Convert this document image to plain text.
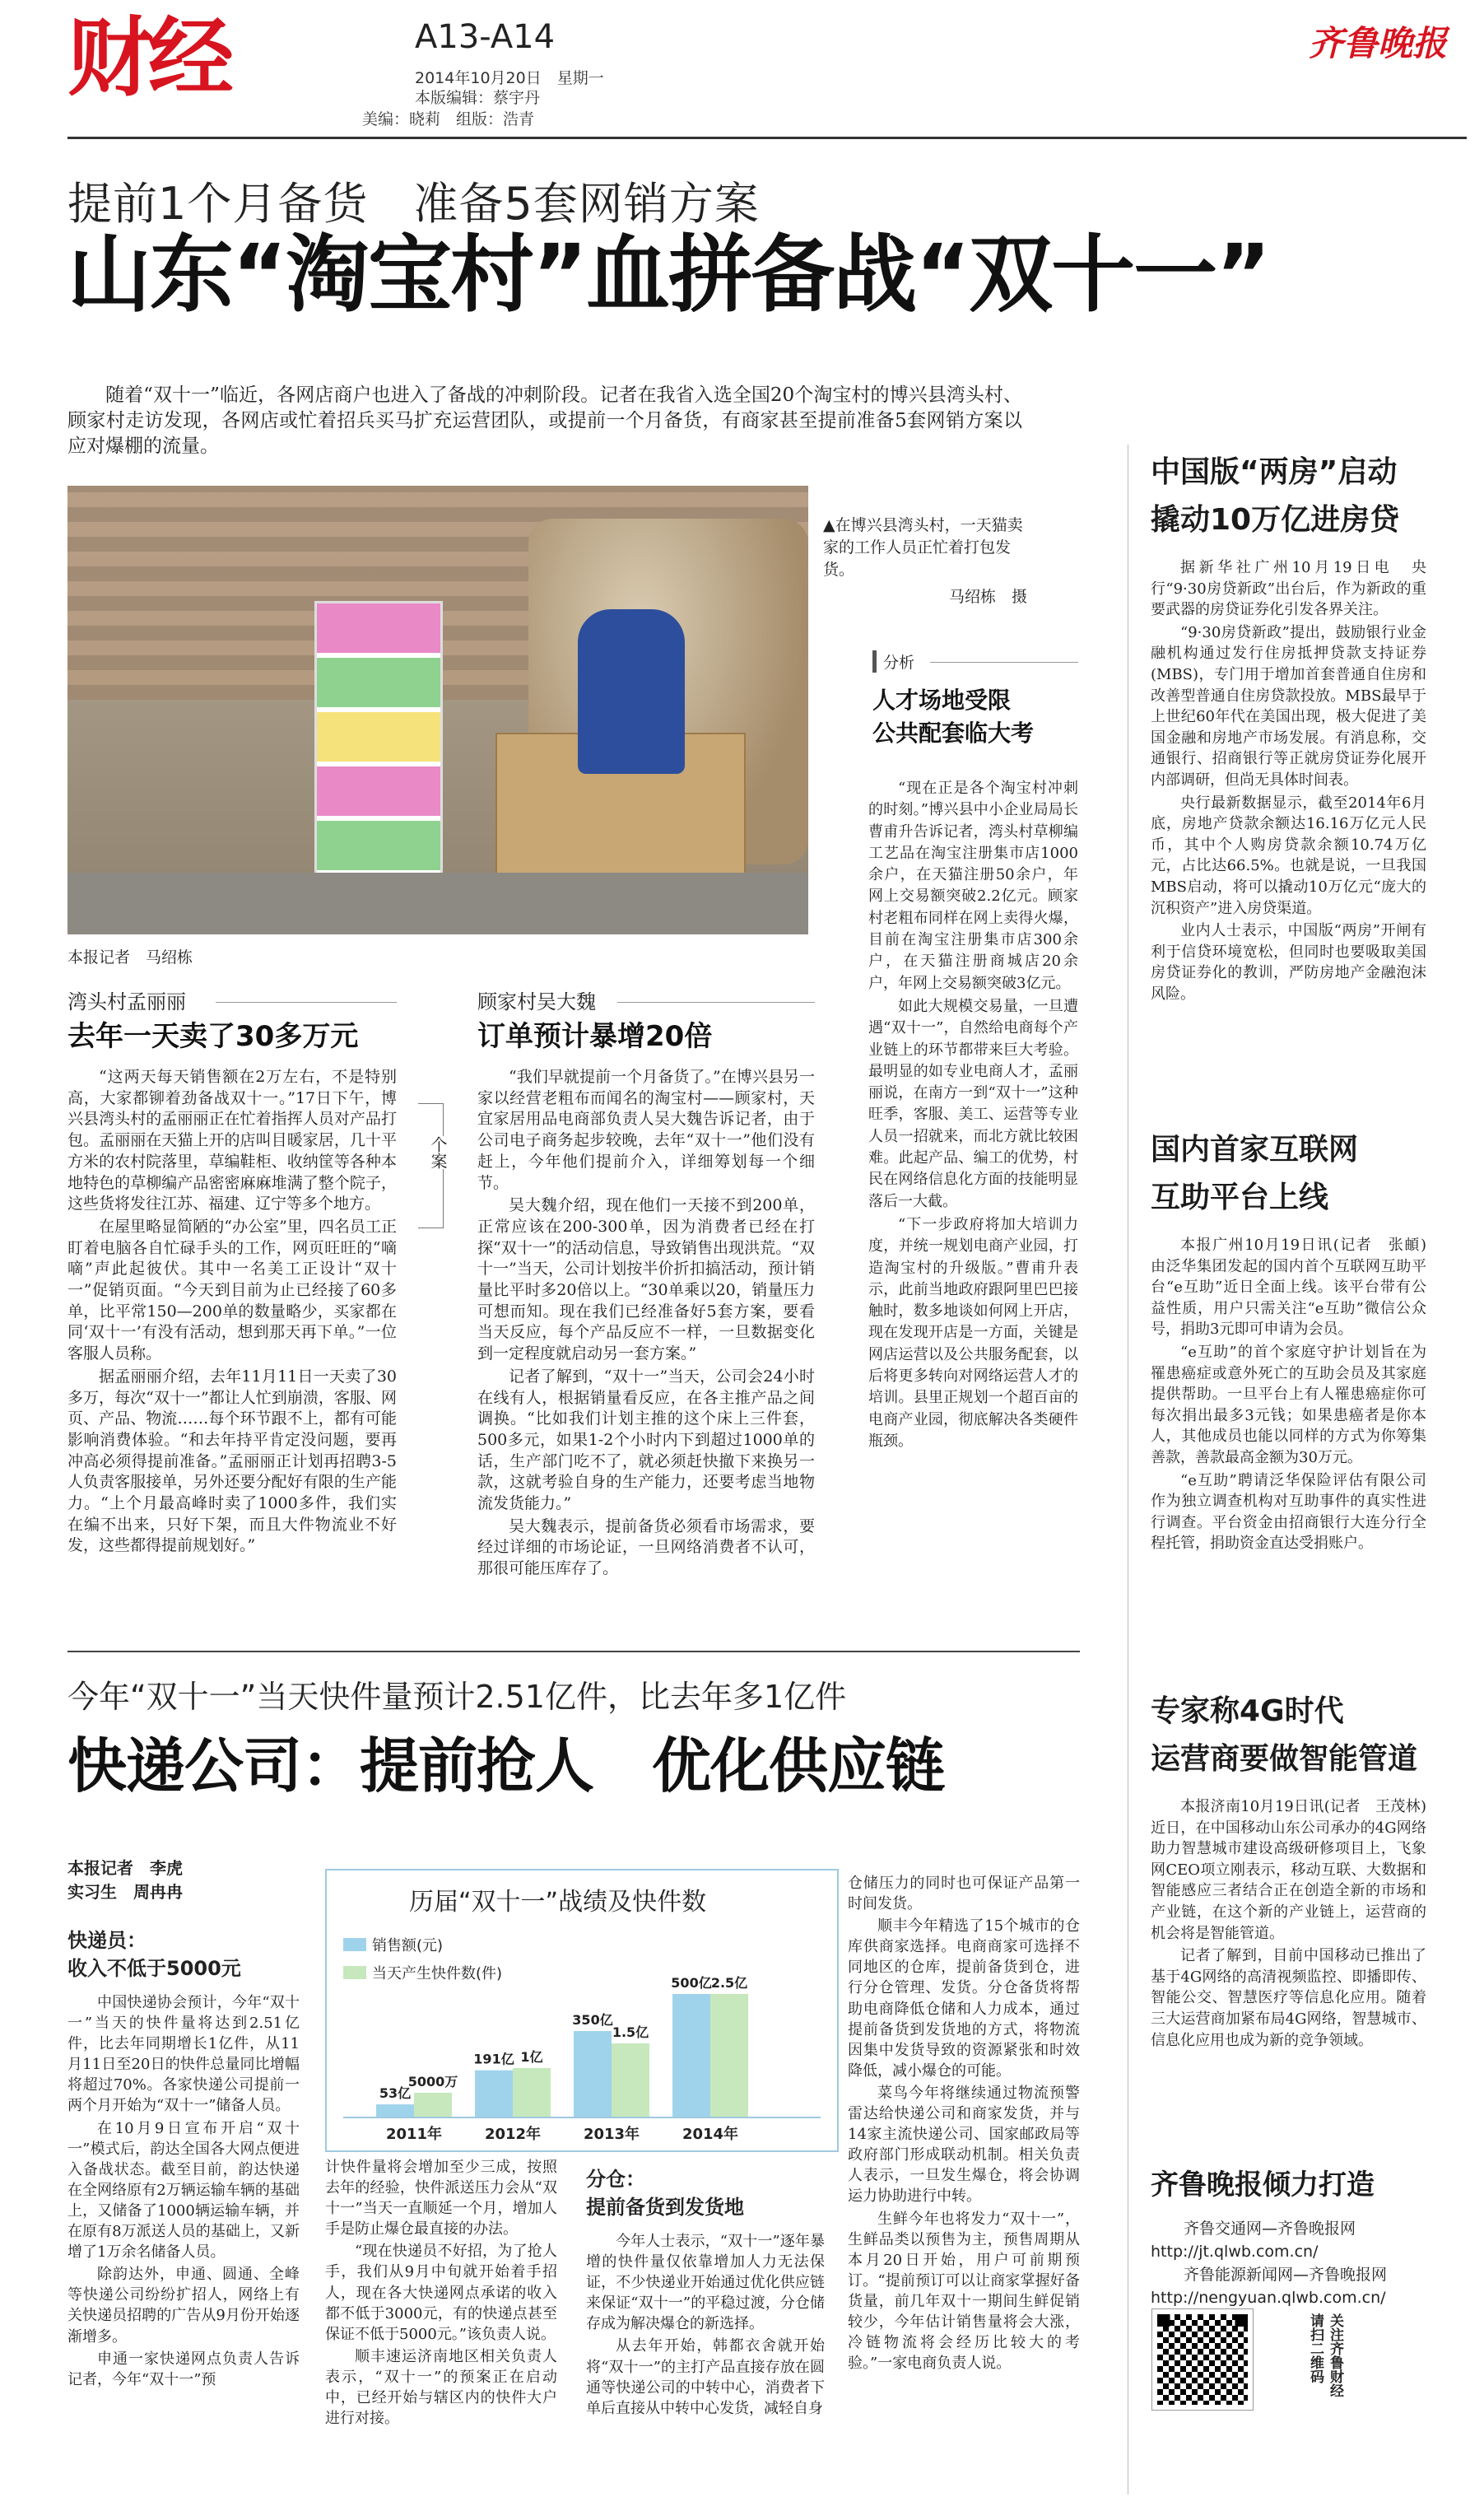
财经	A13-A14
2014年10月20日　星期一
本版编辑：蔡宇丹
美编：晓莉　组版：浩青
齐鲁晚报
提前1个月备货　准备5套网销方案
山东“淘宝村”血拼备战“双十一”

随着“双十一”临近，各网店商户也进入了备战的冲刺阶段。记者在我省入选全国20个淘宝村的博兴县湾头村、顾家村走访发现，各网店或忙着招兵买马扩充运营团队，或提前一个月备货，有商家甚至提前准备5套网销方案以应对爆棚的流量。

▲在博兴县湾头村，一天猫卖家的工作人员正忙着打包发货。
马绍栋　摄
本报记者　马绍栋
分析
人才场地受限
公共配套临大考

“现在正是各个淘宝村冲刺的时刻。”博兴县中小企业局局长曹甫升告诉记者，湾头村草柳编工艺品在淘宝注册集市店1000余户，在天猫注册50余户，年网上交易额突破2.2亿元。顾家村老粗布同样在网上卖得火爆，目前在淘宝注册集市店300余户，在天猫注册商城店20余户，年网上交易额突破3亿元。

如此大规模交易量，一旦遭遇“双十一”，自然给电商每个产业链上的环节都带来巨大考验。最明显的如专业电商人才，孟丽丽说，在南方一到“双十一”这种旺季，客服、美工、运营等专业人员一招就来，而北方就比较困难。此起产品、编工的优势，村民在网络信息化方面的技能明显落后一大截。

“下一步政府将加大培训力度，并统一规划电商产业园，打造淘宝村的升级版。”曹甫升表示，此前当地政府跟阿里巴巴接触时，数多地谈如何网上开店，现在发现开店是一方面，关键是网店运营以及公共服务配套，以后将更多转向对网络运营人才的培训。县里正规划一个超百亩的电商产业园，彻底解决各类硬件瓶颈。

湾头村孟丽丽
去年一天卖了30多万元

“这两天每天销售额在2万左右，不是特别高，大家都铆着劲备战双十一。”17日下午，博兴县湾头村的孟丽丽正在忙着指挥人员对产品打包。孟丽丽在天猫上开的店叫目暖家居，几十平方米的农村院落里，草编鞋柜、收纳筐等各种本地特色的草柳编产品密密麻麻堆满了整个院子，这些货将发往江苏、福建、辽宁等多个地方。

在屋里略显简陋的“办公室”里，四名员工正盯着电脑各自忙碌手头的工作，网页旺旺的“嘀嘀”声此起彼伏。其中一名美工正设计“双十一”促销页面。“今天到目前为止已经接了60多单，比平常150—200单的数量略少，买家都在同‘双十一’有没有活动，想到那天再下单。”一位客服人员称。

据孟丽丽介绍，去年11月11日一天卖了30多万，每次“双十一”都让人忙到崩溃，客服、网页、产品、物流……每个环节跟不上，都有可能影响消费体验。“和去年持平肯定没问题，要再冲高必须得提前准备。”孟丽丽正计划再招聘3-5人负责客服接单，另外还要分配好有限的生产能力。“上个月最高峰时卖了1000多件，我们实在编不出来，只好下架，而且大件物流业不好发，这些都得提前规划好。”

个案
顾家村吴大魏
订单预计暴增20倍

“我们早就提前一个月备货了。”在博兴县另一家以经营老粗布而闻名的淘宝村——顾家村，天宜家居用品电商部负责人吴大魏告诉记者，由于公司电子商务起步较晚，去年“双十一”他们没有赶上，今年他们提前介入，详细筹划每一个细节。

吴大魏介绍，现在他们一天接不到200单，正常应该在200-300单，因为消费者已经在打探“双十一”的活动信息，导致销售出现洪荒。“双十一”当天，公司计划按半价折扣搞活动，预计销量比平时多20倍以上。“30单乘以20，销量压力可想而知。现在我们已经准备好5套方案，要看当天反应，每个产品反应不一样，一旦数据变化到一定程度就启动另一套方案。”

记者了解到，“双十一”当天，公司会24小时在线有人，根据销量看反应，在各主推产品之间调换。“比如我们计划主推的这个床上三件套，500多元，如果1-2个小时内下到超过1000单的话，生产部门吃不了，就必须赶快撤下来换另一款，这就考验自身的生产能力，还要考虑当地物流发货能力。”

吴大魏表示，提前备货必须看市场需求，要经过详细的市场论证，一旦网络消费者不认可，那很可能压库存了。

今年“双十一”当天快件量预计2.51亿件，比去年多1亿件
快递公司：提前抢人　优化供应链
本报记者　李虎
实习生　周冉冉
快递员：
收入不低于5000元

中国快递协会预计，今年“双十一”当天的快件量将达到2.51亿件，比去年同期增长1亿件，从11月11日至20日的快件总量同比增幅将超过70%。各家快递公司提前一两个月开始为“双十一”储备人员。

在10月9日宣布开启“双十一”模式后，韵达全国各大网点便进入备战状态。截至目前，韵达快递在全网络原有2万辆运输车辆的基础上，又储备了1000辆运输车辆，并在原有8万派送人员的基础上，又新增了1万余名储备人员。

除韵达外，申通、圆通、全峰等快递公司纷纷扩招人，网络上有关快递员招聘的广告从9月份开始逐渐增多。

申通一家快递网点负责人告诉记者，今年“双十一”预

历届“双十一”战绩及快件数
销售额(元)
当天产生快件数(件)
53亿
5000万
2011年
191亿 1亿
2012年
350亿
1.5亿
2013年
500亿 2.5亿
2014年

计快件量将会增加至少三成，按照去年的经验，快件派送压力会从“双十一”当天一直顺延一个月，增加人手是防止爆仓最直接的办法。

“现在快递员不好招，为了抢人手，我们从9月中旬就开始着手招人，现在各大快递网点承诺的收入都不低于3000元，有的快递点甚至保证不低于5000元。”该负责人说。

顺丰速运济南地区相关负责人表示，“双十一”的预案正在启动中，已经开始与辖区内的快件大户进行对接。

分仓：
提前备货到发货地

今年人士表示，“双十一”逐年暴增的快件量仅依靠增加人力无法保证，不少快递业开始通过优化供应链来保证“双十一”的平稳过渡，分仓储存成为解决爆仓的新选择。

从去年开始，韩都衣舍就开始将“双十一”的主打产品直接存放在圆通等快递公司的中转中心，消费者下单后直接从中转中心发货，减轻自身

仓储压力的同时也可保证产品第一时间发货。

顺丰今年精选了15个城市的仓库供商家选择。电商商家可选择不同地区的仓库，提前备货到仓，进行分仓管理、发货。分仓备货将帮助电商降低仓储和人力成本，通过提前备货到发货地的方式，将物流因集中发货导致的资源紧张和时效降低，减小爆仓的可能。

菜鸟今年将继续通过物流预警雷达给快递公司和商家发货，并与14家主流快递公司、国家邮政局等政府部门形成联动机制。相关负责人表示，一旦发生爆仓，将会协调运力协助进行中转。

生鲜今年也将发力“双十一”，生鲜品类以预售为主，预售周期从本月20日开始，用户可前期预订。“提前预订可以让商家掌握好备货量，前几年双十一期间生鲜促销较少，今年估计销售量将会大涨，冷链物流将会经历比较大的考验。”一家电商负责人说。

中国版“两房”启动
撬动10万亿进房贷

据新华社广州10月19日电　央行“9·30房贷新政”出台后，作为新政的重要武器的房贷证券化引发各界关注。

“9·30房贷新政”提出，鼓励银行业金融机构通过发行住房抵押贷款支持证券(MBS)，专门用于增加首套普通自住房和改善型普通自住房贷款投放。MBS最早于上世纪60年代在美国出现，极大促进了美国金融和房地产市场发展。有消息称，交通银行、招商银行等正就房贷证券化展开内部调研，但尚无具体时间表。

央行最新数据显示，截至2014年6月底，房地产贷款余额达16.16万亿元人民币，其中个人购房贷款余额10.74万亿元，占比达66.5%。也就是说，一旦我国MBS启动，将可以撬动10万亿元“庞大的沉积资产”进入房贷渠道。

业内人士表示，中国版“两房”开闸有利于信贷环境宽松，但同时也要吸取美国房贷证券化的教训，严防房地产金融泡沫风险。

国内首家互联网
互助平台上线

本报广州10月19日讯(记者　张頔)　由泛华集团发起的国内首个互联网互助平台“e互助”近日全面上线。该平台带有公益性质，用户只需关注“e互助”微信公众号，捐助3元即可申请为会员。

“e互助”的首个家庭守护计划旨在为罹患癌症或意外死亡的互助会员及其家庭提供帮助。一旦平台上有人罹患癌症你可每次捐出最多3元钱；如果患癌者是你本人，其他成员也能以同样的方式为你筹集善款，善款最高金额为30万元。

“e互助”聘请泛华保险评估有限公司作为独立调查机构对互助事件的真实性进行调查。平台资金由招商银行大连分行全程托管，捐助资金直达受捐账户。

专家称4G时代
运营商要做智能管道

本报济南10月19日讯(记者　王茂林)　近日，在中国移动山东公司承办的4G网络助力智慧城市建设高级研修项目上，飞象网CEO项立刚表示，移动互联、大数据和智能感应三者结合正在创造全新的市场和产业链，在这个新的产业链上，运营商的机会将是智能管道。

记者了解到，目前中国移动已推出了基于4G网络的高清视频监控、即播即传、智能公交、智慧医疗等信息化应用。随着三大运营商加紧布局4G网络，智慧城市、信息化应用也成为新的竞争领域。

齐鲁晚报倾力打造
齐鲁交通网—齐鲁晚报网
http://jt.qlwb.com.cn/
齐鲁能源新闻网—齐鲁晚报网
http://nengyuan.qlwb.com.cn/
关注齐鲁财经
请扫二维码
